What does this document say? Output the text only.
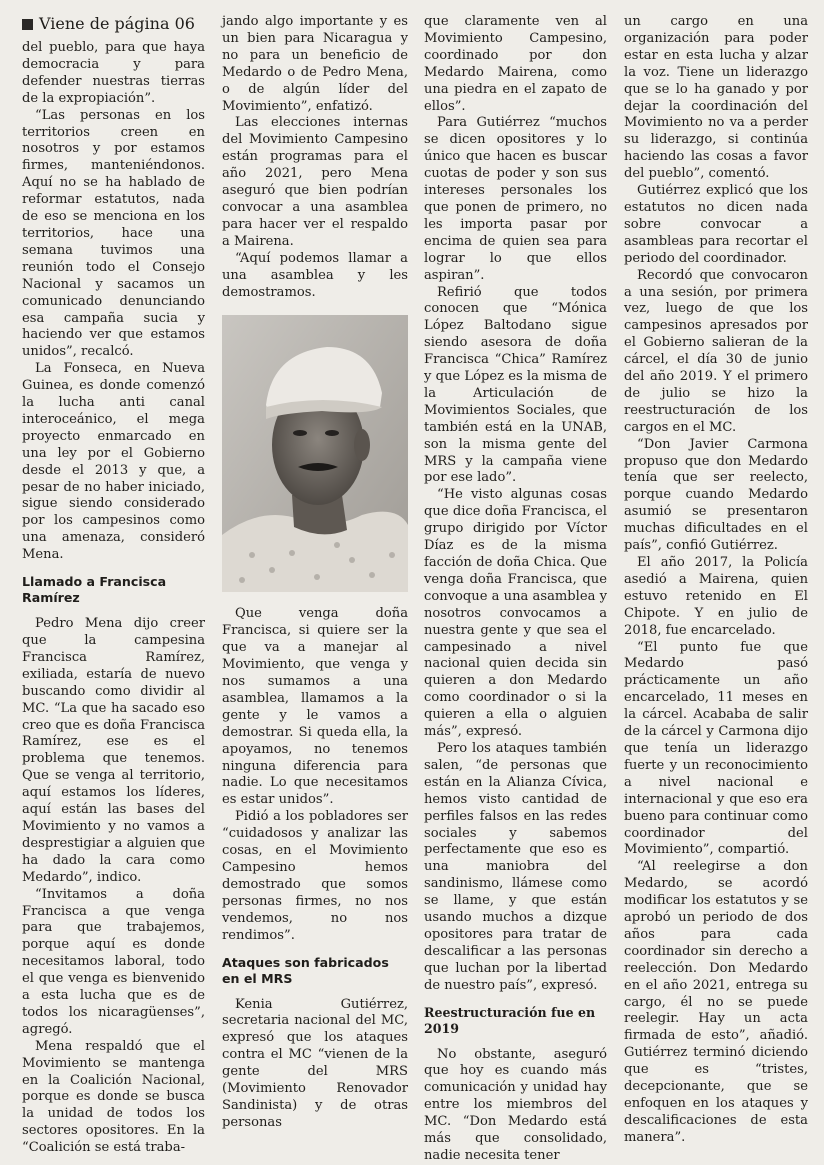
Viene de página 06

del pueblo, para que haya democracia y para defender nuestras tierras de la expropiación”.

“Las personas en los territorios creen en nosotros y por estamos firmes, manteniéndonos. Aquí no se ha hablado de reformar estatutos, nada de eso se menciona en los territorios, hace una semana tuvimos una reunión todo el Consejo Nacional y sacamos un comunicado denunciando esa campaña sucia y haciendo ver que estamos unidos”, recalcó.

La Fonseca, en Nueva Guinea, es donde comenzó la lucha anti canal interoceánico, el mega proyecto enmarcado en una ley por el Gobierno desde el 2013 y que, a pesar de no haber iniciado, sigue siendo considerado por los campesinos como una amenaza, consideró Mena.

Llamado a Francisca Ramírez

Pedro Mena dijo creer que la campesina Francisca Ramírez, exiliada, estaría de nuevo buscando como dividir al MC. “La que ha sacado eso creo que es doña Francisca Ramírez, ese es el problema que tenemos. Que se venga al territorio, aquí estamos los líderes, aquí están las bases del Movimiento y no vamos a desprestigiar a alguien que ha dado la cara como Medardo”, indico.

“Invitamos a doña Francisca a que venga para que trabajemos, porque aquí es donde necesitamos laboral, todo el que venga es bienvenido a esta lucha que es de todos los nicaragüenses”, agregó.

Mena respaldó que el Movimiento se mantenga en la Coalición Nacional, porque es donde se busca la unidad de todos los sectores opositores. En la “Coalición se está traba-

jando algo importante y es un bien para Nicaragua y no para un beneficio de Medardo o de Pedro Mena, o de algún líder del Movimiento”, enfatizó.

Las elecciones internas del Movimiento Campesino están programas para el año 2021, pero Mena aseguró que bien podrían convocar a una asamblea para hacer ver el respaldo a Mairena.

“Aquí podemos llamar a una asamblea y les demostramos.

Que venga doña Francisca, si quiere ser la que va a manejar al Movimiento, que venga y nos sumamos a una asamblea, llamamos a la gente y le vamos a demostrar. Si queda ella, la apoyamos, no tenemos ninguna diferencia para nadie. Lo que necesitamos es estar unidos”.

Pidió a los pobladores ser “cuidadosos y analizar las cosas, en el Movimiento Campesino hemos demostrado que somos personas firmes, no nos vendemos, no nos rendimos”.

Ataques son fabricados en el MRS

Kenia Gutiérrez, secretaria nacional del MC, expresó que los ataques contra el MC “vienen de la gente del MRS (Movimiento Renovador Sandinista) y de otras personas

que claramente ven al Movimiento Campesino, coordinado por don Medardo Mairena, como una piedra en el zapato de ellos”.

Para Gutiérrez “muchos se dicen opositores y lo único que hacen es buscar cuotas de poder y son sus intereses personales los que ponen de primero, no les importa pasar por encima de quien sea para lograr lo que ellos aspiran”.

Refirió que todos conocen que “Mónica López Baltodano sigue siendo asesora de doña Francisca “Chica” Ramírez y que López es la misma de la Articulación de Movimientos Sociales, que también está en la UNAB, son la misma gente del MRS y la campaña viene por ese lado”.

“He visto algunas cosas que dice doña Francisca, el grupo dirigido por Víctor Díaz es de la misma facción de doña Chica. Que venga doña Francisca, que convoque a una asamblea y nosotros convocamos a nuestra gente y que sea el campesinado a nivel nacional quien decida sin quieren a don Medardo como coordinador o si la quieren a ella o alguien más”, expresó.

Pero los ataques también salen, “de personas que están en la Alianza Cívica, hemos visto cantidad de perfiles falsos en las redes sociales y sabemos perfectamente que eso es una maniobra del sandinismo, llámese como se llame, y que están usando muchos a dizque opositores para tratar de descalificar a las personas que luchan por la libertad de nuestro país”, expresó.

Reestructuración fue en 2019

No obstante, aseguró que hoy es cuando más comunicación y unidad hay entre los miembros del MC. “Don Medardo está más que consolidado, nadie necesita tener

un cargo en una organización para poder estar en esta lucha y alzar la voz. Tiene un liderazgo que se lo ha ganado y por dejar la coordinación del Movimiento no va a perder su liderazgo, si continúa haciendo las cosas a favor del pueblo”, comentó.

Gutiérrez explicó que los estatutos no dicen nada sobre convocar a asambleas para recortar el periodo del coordinador.

Recordó que convocaron a una sesión, por primera vez, luego de que los campesinos apresados por el Gobierno salieran de la cárcel, el día 30 de junio del año 2019. Y el primero de julio se hizo la reestructuración de los cargos en el MC.

“Don Javier Carmona propuso que don Medardo tenía que ser reelecto, porque cuando Medardo asumió se presentaron muchas dificultades en el país”, confió Gutiérrez.

El año 2017, la Policía asedió a Mairena, quien estuvo retenido en El Chipote. Y en julio de 2018, fue encarcelado.

“El punto fue que Medardo pasó prácticamente un año encarcelado, 11 meses en la cárcel. Acababa de salir de la cárcel y Carmona dijo que tenía un liderazgo fuerte y un reconocimiento a nivel nacional e internacional y que eso era bueno para continuar como coordinador del Movimiento”, compartió.

“Al reelegirse a don Medardo, se acordó modificar los estatutos y se aprobó un periodo de dos años para cada coordinador sin derecho a reelección. Don Medardo en el año 2021, entrega su cargo, él no se puede reelegir. Hay un acta firmada de esto”, añadió. Gutiérrez terminó diciendo que es “tristes, decepcionante, que se enfoquen en los ataques y descalificaciones de esta manera”.
